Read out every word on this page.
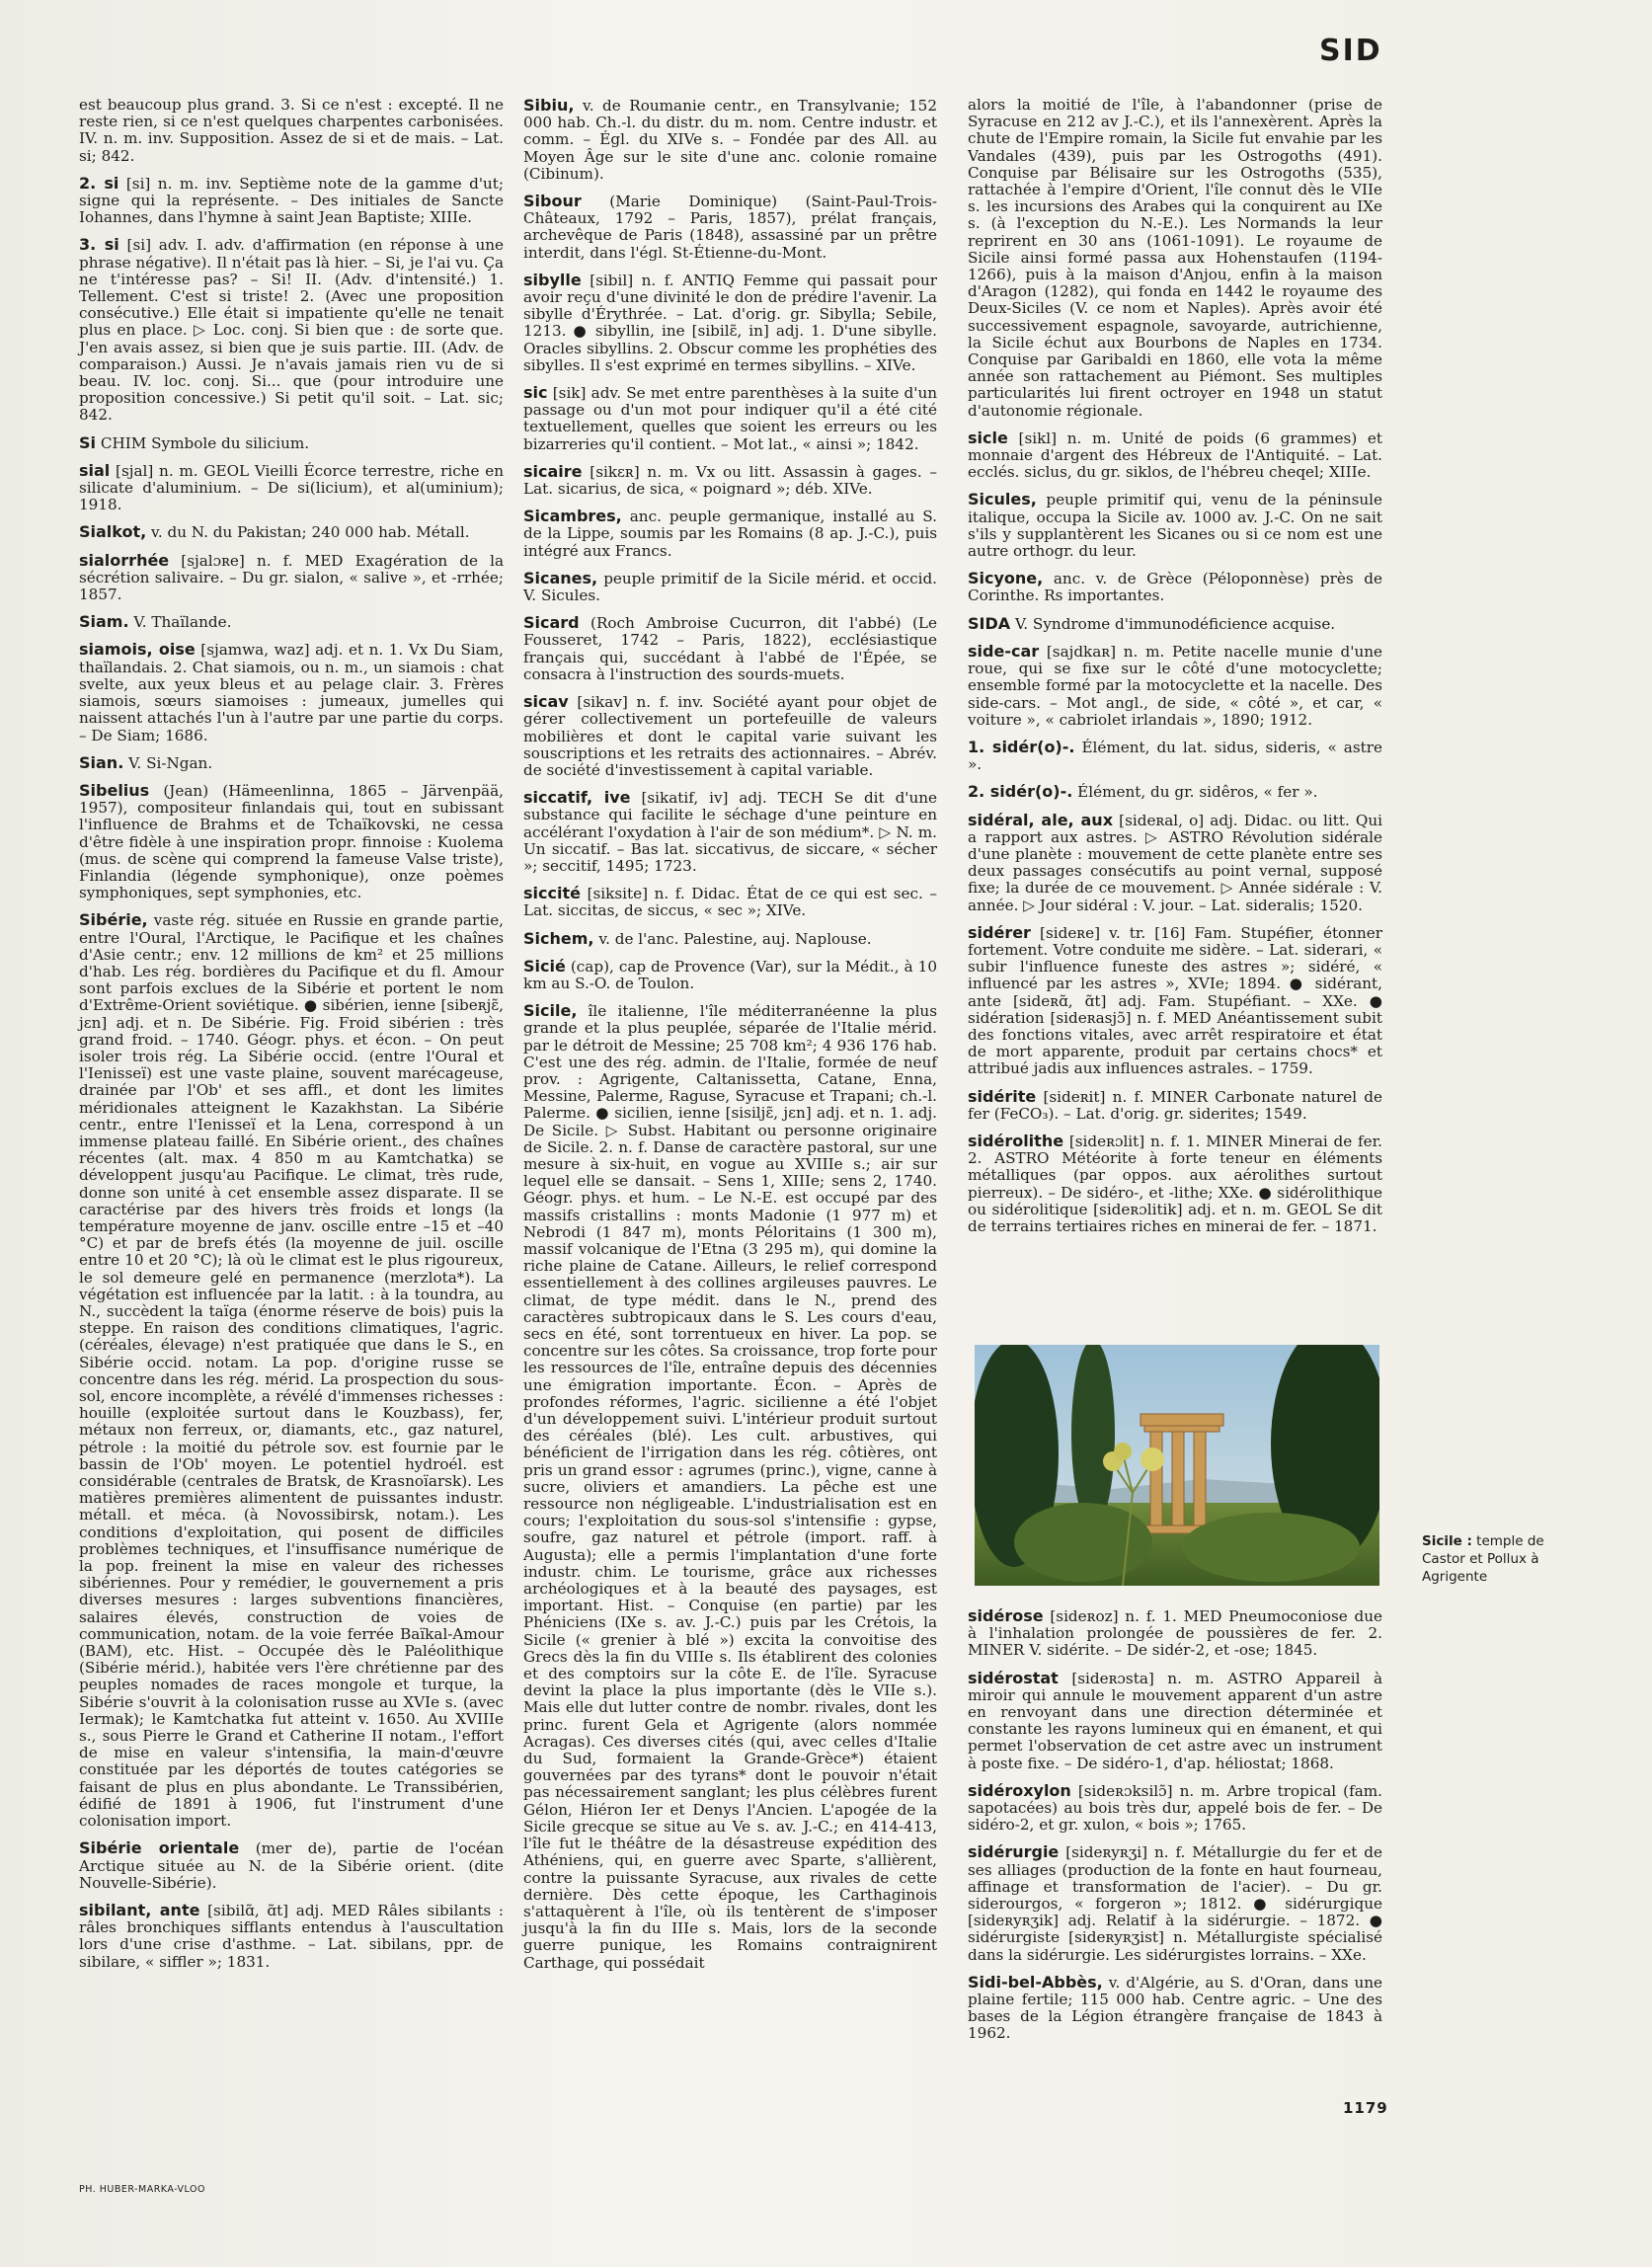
SID

est beaucoup plus grand. 3. Si ce n'est : excepté. Il ne reste rien, si ce n'est quelques charpentes carbonisées. IV. n. m. inv. Supposition. Assez de si et de mais. – Lat. si; 842.

2. si [si] n. m. inv. Septième note de la gamme d'ut; signe qui la représente. – Des initiales de Sancte Iohannes, dans l'hymne à saint Jean Baptiste; XIIIe.

3. si [si] adv. I. adv. d'affirmation (en réponse à une phrase négative). Il n'était pas là hier. – Si, je l'ai vu. Ça ne t'intéresse pas? – Si! II. (Adv. d'intensité.) 1. Tellement. C'est si triste! 2. (Avec une proposition consécutive.) Elle était si impatiente qu'elle ne tenait plus en place. ▷ Loc. conj. Si bien que : de sorte que. J'en avais assez, si bien que je suis partie. III. (Adv. de comparaison.) Aussi. Je n'avais jamais rien vu de si beau. IV. loc. conj. Si... que (pour introduire une proposition concessive.) Si petit qu'il soit. – Lat. sic; 842.

Si CHIM Symbole du silicium.

sial [sjal] n. m. GEOL Vieilli Écorce terrestre, riche en silicate d'aluminium. – De si(licium), et al(uminium); 1918.

Sialkot, v. du N. du Pakistan; 240 000 hab. Métall.

sialorrhée [sjalɔʀe] n. f. MED Exagération de la sécrétion salivaire. – Du gr. sialon, « salive », et -rrhée; 1857.

Siam. V. Thaïlande.

siamois, oise [sjamwa, waz] adj. et n. 1. Vx Du Siam, thaïlandais. 2. Chat siamois, ou n. m., un siamois : chat svelte, aux yeux bleus et au pelage clair. 3. Frères siamois, sœurs siamoises : jumeaux, jumelles qui naissent attachés l'un à l'autre par une partie du corps. – De Siam; 1686.

Sian. V. Si-Ngan.

Sibelius (Jean) (Hämeenlinna, 1865 – Järvenpää, 1957), compositeur finlandais qui, tout en subissant l'influence de Brahms et de Tchaïkovski, ne cessa d'être fidèle à une inspiration propr. finnoise : Kuolema (mus. de scène qui comprend la fameuse Valse triste), Finlandia (légende symphonique), onze poèmes symphoniques, sept symphonies, etc.

Sibérie, vaste rég. située en Russie en grande partie, entre l'Oural, l'Arctique, le Pacifique et les chaînes d'Asie centr.; env. 12 millions de km² et 25 millions d'hab. Les rég. bordières du Pacifique et du fl. Amour sont parfois exclues de la Sibérie et portent le nom d'Extrême-Orient soviétique. ● sibérien, ienne [sibeʀjɛ̃, jɛn] adj. et n. De Sibérie. Fig. Froid sibérien : très grand froid. – 1740. Géogr. phys. et écon. – On peut isoler trois rég. La Sibérie occid. (entre l'Oural et l'Ienisseï) est une vaste plaine, souvent marécageuse, drainée par l'Ob' et ses affl., et dont les limites méridionales atteignent le Kazakhstan. La Sibérie centr., entre l'Ienisseï et la Lena, correspond à un immense plateau faillé. En Sibérie orient., des chaînes récentes (alt. max. 4 850 m au Kamtchatka) se développent jusqu'au Pacifique. Le climat, très rude, donne son unité à cet ensemble assez disparate. Il se caractérise par des hivers très froids et longs (la température moyenne de janv. oscille entre –15 et –40 °C) et par de brefs étés (la moyenne de juil. oscille entre 10 et 20 °C); là où le climat est le plus rigoureux, le sol demeure gelé en permanence (merzlota*). La végétation est influencée par la latit. : à la toundra, au N., succèdent la taïga (énorme réserve de bois) puis la steppe. En raison des conditions climatiques, l'agric. (céréales, élevage) n'est pratiquée que dans le S., en Sibérie occid. notam. La pop. d'origine russe se concentre dans les rég. mérid. La prospection du sous-sol, encore incomplète, a révélé d'immenses richesses : houille (exploitée surtout dans le Kouzbass), fer, métaux non ferreux, or, diamants, etc., gaz naturel, pétrole : la moitié du pétrole sov. est fournie par le bassin de l'Ob' moyen. Le potentiel hydroél. est considérable (centrales de Bratsk, de Krasnoïarsk). Les matières premières alimentent de puissantes industr. métall. et méca. (à Novossibirsk, notam.). Les conditions d'exploitation, qui posent de difficiles problèmes techniques, et l'insuffisance numérique de la pop. freinent la mise en valeur des richesses sibériennes. Pour y remédier, le gouvernement a pris diverses mesures : larges subventions financières, salaires élevés, construction de voies de communication, notam. de la voie ferrée Baïkal-Amour (BAM), etc. Hist. – Occupée dès le Paléolithique (Sibérie mérid.), habitée vers l'ère chrétienne par des peuples nomades de races mongole et turque, la Sibérie s'ouvrit à la colonisation russe au XVIe s. (avec Iermak); le Kamtchatka fut atteint v. 1650. Au XVIIIe s., sous Pierre le Grand et Catherine II notam., l'effort de mise en valeur s'intensifia, la main-d'œuvre constituée par les déportés de toutes catégories se faisant de plus en plus abondante. Le Transsibérien, édifié de 1891 à 1906, fut l'instrument d'une colonisation import.

Sibérie orientale (mer de), partie de l'océan Arctique située au N. de la Sibérie orient. (dite Nouvelle-Sibérie).

sibilant, ante [sibilɑ̃, ɑ̃t] adj. MED Râles sibilants : râles bronchiques sifflants entendus à l'auscultation lors d'une crise d'asthme. – Lat. sibilans, ppr. de sibilare, « siffler »; 1831.

Sibiu, v. de Roumanie centr., en Transylvanie; 152 000 hab. Ch.-l. du distr. du m. nom. Centre industr. et comm. – Égl. du XIVe s. – Fondée par des All. au Moyen Âge sur le site d'une anc. colonie romaine (Cibinum).

Sibour (Marie Dominique) (Saint-Paul-Trois-Châteaux, 1792 – Paris, 1857), prélat français, archevêque de Paris (1848), assassiné par un prêtre interdit, dans l'égl. St-Étienne-du-Mont.

sibylle [sibil] n. f. ANTIQ Femme qui passait pour avoir reçu d'une divinité le don de prédire l'avenir. La sibylle d'Érythrée. – Lat. d'orig. gr. Sibylla; Sebile, 1213. ● sibyllin, ine [sibilɛ̃, in] adj. 1. D'une sibylle. Oracles sibyllins. 2. Obscur comme les prophéties des sibylles. Il s'est exprimé en termes sibyllins. – XIVe.

sic [sik] adv. Se met entre parenthèses à la suite d'un passage ou d'un mot pour indiquer qu'il a été cité textuellement, quelles que soient les erreurs ou les bizarreries qu'il contient. – Mot lat., « ainsi »; 1842.

sicaire [sikɛʀ] n. m. Vx ou litt. Assassin à gages. – Lat. sicarius, de sica, « poignard »; déb. XIVe.

Sicambres, anc. peuple germanique, installé au S. de la Lippe, soumis par les Romains (8 ap. J.-C.), puis intégré aux Francs.

Sicanes, peuple primitif de la Sicile mérid. et occid. V. Sicules.

Sicard (Roch Ambroise Cucurron, dit l'abbé) (Le Fousseret, 1742 – Paris, 1822), ecclésiastique français qui, succédant à l'abbé de l'Épée, se consacra à l'instruction des sourds-muets.

sicav [sikav] n. f. inv. Société ayant pour objet de gérer collectivement un portefeuille de valeurs mobilières et dont le capital varie suivant les souscriptions et les retraits des actionnaires. – Abrév. de société d'investissement à capital variable.

siccatif, ive [sikatif, iv] adj. TECH Se dit d'une substance qui facilite le séchage d'une peinture en accélérant l'oxydation à l'air de son médium*. ▷ N. m. Un siccatif. – Bas lat. siccativus, de siccare, « sécher »; seccitif, 1495; 1723.

siccité [siksite] n. f. Didac. État de ce qui est sec. – Lat. siccitas, de siccus, « sec »; XIVe.

Sichem, v. de l'anc. Palestine, auj. Naplouse.

Sicié (cap), cap de Provence (Var), sur la Médit., à 10 km au S.-O. de Toulon.

Sicile, île italienne, l'île méditerranéenne la plus grande et la plus peuplée, séparée de l'Italie mérid. par le détroit de Messine; 25 708 km²; 4 936 176 hab. C'est une des rég. admin. de l'Italie, formée de neuf prov. : Agrigente, Caltanissetta, Catane, Enna, Messine, Palerme, Raguse, Syracuse et Trapani; ch.-l. Palerme. ● sicilien, ienne [sisiljɛ̃, jɛn] adj. et n. 1. adj. De Sicile. ▷ Subst. Habitant ou personne originaire de Sicile. 2. n. f. Danse de caractère pastoral, sur une mesure à six-huit, en vogue au XVIIIe s.; air sur lequel elle se dansait. – Sens 1, XIIIe; sens 2, 1740. Géogr. phys. et hum. – Le N.-E. est occupé par des massifs cristallins : monts Madonie (1 977 m) et Nebrodi (1 847 m), monts Péloritains (1 300 m), massif volcanique de l'Etna (3 295 m), qui domine la riche plaine de Catane. Ailleurs, le relief correspond essentiellement à des collines argileuses pauvres. Le climat, de type médit. dans le N., prend des caractères subtropicaux dans le S. Les cours d'eau, secs en été, sont torrentueux en hiver. La pop. se concentre sur les côtes. Sa croissance, trop forte pour les ressources de l'île, entraîne depuis des décennies une émigration importante. Écon. – Après de profondes réformes, l'agric. sicilienne a été l'objet d'un développement suivi. L'intérieur produit surtout des céréales (blé). Les cult. arbustives, qui bénéficient de l'irrigation dans les rég. côtières, ont pris un grand essor : agrumes (princ.), vigne, canne à sucre, oliviers et amandiers. La pêche est une ressource non négligeable. L'industrialisation est en cours; l'exploitation du sous-sol s'intensifie : gypse, soufre, gaz naturel et pétrole (import. raff. à Augusta); elle a permis l'implantation d'une forte industr. chim. Le tourisme, grâce aux richesses archéologiques et à la beauté des paysages, est important. Hist. – Conquise (en partie) par les Phéniciens (IXe s. av. J.-C.) puis par les Crétois, la Sicile (« grenier à blé ») excita la convoitise des Grecs dès la fin du VIIIe s. Ils établirent des colonies et des comptoirs sur la côte E. de l'île. Syracuse devint la place la plus importante (dès le VIIe s.). Mais elle dut lutter contre de nombr. rivales, dont les princ. furent Gela et Agrigente (alors nommée Acragas). Ces diverses cités (qui, avec celles d'Italie du Sud, formaient la Grande-Grèce*) étaient gouvernées par des tyrans* dont le pouvoir n'était pas nécessairement sanglant; les plus célèbres furent Gélon, Hiéron Ier et Denys l'Ancien. L'apogée de la Sicile grecque se situe au Ve s. av. J.-C.; en 414-413, l'île fut le théâtre de la désastreuse expédition des Athéniens, qui, en guerre avec Sparte, s'allièrent, contre la puissante Syracuse, aux rivales de cette dernière. Dès cette époque, les Carthaginois s'attaquèrent à l'île, où ils tentèrent de s'imposer jusqu'à la fin du IIIe s. Mais, lors de la seconde guerre punique, les Romains contraignirent Carthage, qui possédait

alors la moitié de l'île, à l'abandonner (prise de Syracuse en 212 av J.-C.), et ils l'annexèrent. Après la chute de l'Empire romain, la Sicile fut envahie par les Vandales (439), puis par les Ostrogoths (491). Conquise par Bélisaire sur les Ostrogoths (535), rattachée à l'empire d'Orient, l'île connut dès le VIIe s. les incursions des Arabes qui la conquirent au IXe s. (à l'exception du N.-E.). Les Normands la leur reprirent en 30 ans (1061-1091). Le royaume de Sicile ainsi formé passa aux Hohenstaufen (1194-1266), puis à la maison d'Anjou, enfin à la maison d'Aragon (1282), qui fonda en 1442 le royaume des Deux-Siciles (V. ce nom et Naples). Après avoir été successivement espagnole, savoyarde, autrichienne, la Sicile échut aux Bourbons de Naples en 1734. Conquise par Garibaldi en 1860, elle vota la même année son rattachement au Piémont. Ses multiples particularités lui firent octroyer en 1948 un statut d'autonomie régionale.

sicle [sikl] n. m. Unité de poids (6 grammes) et monnaie d'argent des Hébreux de l'Antiquité. – Lat. ecclés. siclus, du gr. siklos, de l'hébreu cheqel; XIIIe.

Sicules, peuple primitif qui, venu de la péninsule italique, occupa la Sicile av. 1000 av. J.-C. On ne sait s'ils y supplantèrent les Sicanes ou si ce nom est une autre orthogr. du leur.

Sicyone, anc. v. de Grèce (Péloponnèse) près de Corinthe. Rs importantes.

SIDA V. Syndrome d'immunodéficience acquise.

side-car [sajdkaʀ] n. m. Petite nacelle munie d'une roue, qui se fixe sur le côté d'une motocyclette; ensemble formé par la motocyclette et la nacelle. Des side-cars. – Mot angl., de side, « côté », et car, « voiture », « cabriolet irlandais », 1890; 1912.

1. sidér(o)-. Élément, du lat. sidus, sideris, « astre ».

2. sidér(o)-. Élément, du gr. sidêros, « fer ».

sidéral, ale, aux [sideʀal, o] adj. Didac. ou litt. Qui a rapport aux astres. ▷ ASTRO Révolution sidérale d'une planète : mouvement de cette planète entre ses deux passages consécutifs au point vernal, supposé fixe; la durée de ce mouvement. ▷ Année sidérale : V. année. ▷ Jour sidéral : V. jour. – Lat. sideralis; 1520.

sidérer [sideʀe] v. tr. [16] Fam. Stupéfier, étonner fortement. Votre conduite me sidère. – Lat. siderari, « subir l'influence funeste des astres »; sidéré, « influencé par les astres », XVIe; 1894. ● sidérant, ante [sideʀɑ̃, ɑ̃t] adj. Fam. Stupéfiant. – XXe. ● sidération [sideʀasjɔ̃] n. f. MED Anéantissement subit des fonctions vitales, avec arrêt respiratoire et état de mort apparente, produit par certains chocs* et attribué jadis aux influences astrales. – 1759.

sidérite [sideʀit] n. f. MINER Carbonate naturel de fer (FeCO₃). – Lat. d'orig. gr. siderites; 1549.

sidérolithe [sideʀɔlit] n. f. 1. MINER Minerai de fer. 2. ASTRO Météorite à forte teneur en éléments métalliques (par oppos. aux aérolithes surtout pierreux). – De sidéro-, et -lithe; XXe. ● sidérolithique ou sidérolitique [sideʀɔlitik] adj. et n. m. GEOL Se dit de terrains tertiaires riches en minerai de fer. – 1871.

sidérose [sideʀoz] n. f. 1. MED Pneumoconiose due à l'inhalation prolongée de poussières de fer. 2. MINER V. sidérite. – De sidér-2, et -ose; 1845.

sidérostat [sideʀɔsta] n. m. ASTRO Appareil à miroir qui annule le mouvement apparent d'un astre en renvoyant dans une direction déterminée et constante les rayons lumineux qui en émanent, et qui permet l'observation de cet astre avec un instrument à poste fixe. – De sidéro-1, d'ap. héliostat; 1868.

sidéroxylon [sideʀɔksilɔ̃] n. m. Arbre tropical (fam. sapotacées) au bois très dur, appelé bois de fer. – De sidéro-2, et gr. xulon, « bois »; 1765.

sidérurgie [sideʀyʀʒi] n. f. Métallurgie du fer et de ses alliages (production de la fonte en haut fourneau, affinage et transformation de l'acier). – Du gr. siderourgos, « forgeron »; 1812. ● sidérurgique [sideʀyʀʒik] adj. Relatif à la sidérurgie. – 1872. ● sidérurgiste [sideʀyʀʒist] n. Métallurgiste spécialisé dans la sidérurgie. Les sidérurgistes lorrains. – XXe.

Sidi-bel-Abbès, v. d'Algérie, au S. d'Oran, dans une plaine fertile; 115 000 hab. Centre agric. – Une des bases de la Légion étrangère française de 1843 à 1962.

Sicile : temple de Castor et Pollux à Agrigente
1179
PH. HUBER-MARKA-VLOO
